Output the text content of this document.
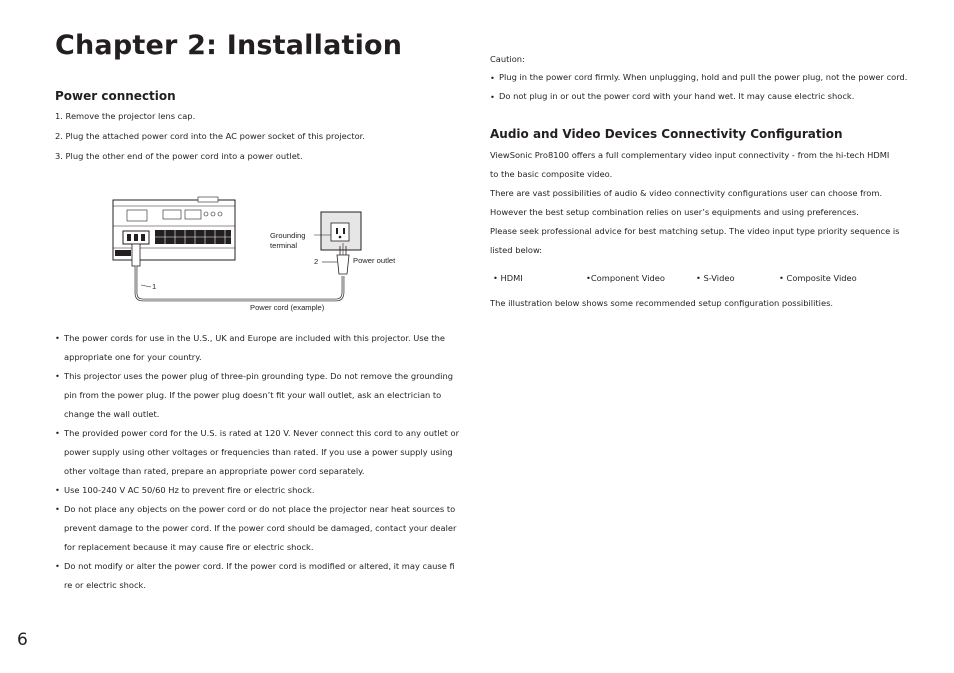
Chapter 2: Installation
Power connection
1. Remove the projector lens cap.
2. Plug the attached power cord into the AC power socket of this projector.
3. Plug the other end of the power cord into a power outlet.
Grounding
terminal
2	Power outlet
1
Power cord (example)
• The power cords for use in the U.S., UK and Europe are included with this projector. Use the
appropriate one for your country.
• This projector uses the power plug of three-pin grounding type. Do not remove the grounding
pin from the power plug. If the power plug doesn’t fit your wall outlet, ask an electrician to
change the wall outlet.
• The provided power cord for the U.S. is rated at 120 V. Never connect this cord to any outlet or
power supply using other voltages or frequencies than rated. If you use a power supply using
other voltage than rated, prepare an appropriate power cord separately.
• Use 100-240 V AC 50/60 Hz to prevent fire or electric shock.
• Do not place any objects on the power cord or do not place the projector near heat sources to
prevent damage to the power cord. If the power cord should be damaged, contact your dealer
for replacement because it may cause fire or electric shock.
• Do not modify or alter the power cord. If the power cord is modified or altered, it may cause fi
re or electric shock.
Caution:
• Plug in the power cord firmly. When unplugging, hold and pull the power plug, not the power cord.
• Do not plug in or out the power cord with your hand wet. It may cause electric shock.
Audio and Video Devices Connectivity Configuration
ViewSonic Pro8100 offers a full complementary video input connectivity - from the hi-tech HDMI
to the basic composite video.
There are vast possibilities of audio & video connectivity configurations user can choose from.
However the best setup combination relies on user’s equipments and using preferences.
Please seek professional advice for best matching setup. The video input type priority sequence is
listed below:
• HDMI	•Component Video	• S-Video	• Composite Video
The illustration below shows some recommended setup configuration possibilities.
6
